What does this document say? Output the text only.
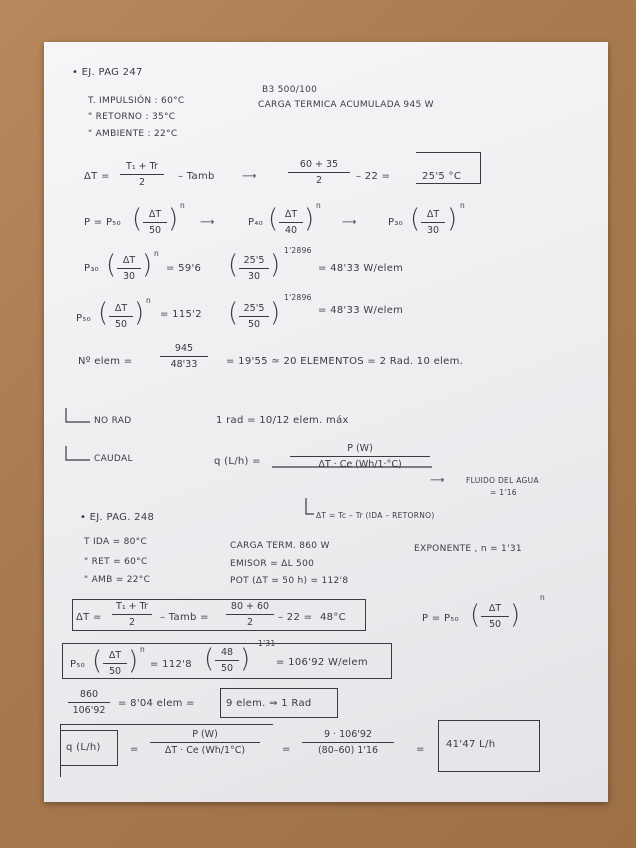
• EJ. PAG 247
T. IMPULSIÓN : 60°C
" RETORNO : 35°C
" AMBIENTE : 22°C
B3 500/100
CARGA TERMICA ACUMULADA 945 W
$\Delta T = \frac{\text{T₁ + Tr}}{2}$ – Tamb	⟶	$\frac{60 + 35}{2} - 22$ =	25'5 °C
P = P₅₀ ( $\frac{\Delta T}{50}$ ) n
⟶	P₄₀ ( $\frac{\Delta T}{40}$ ) n
⟶	P₃₀ ( $\frac{\Delta T}{30}$ ) n
P₃₀ ( $\frac{\Delta T}{30}$ ) n
= 59'6 ( $\frac{25'5}{30}$ ) 1'2896
= 48'33 W/elem
P₅₀ ( $\frac{\Delta T}{50}$ ) n
= 115'2 ( $\frac{25'5}{50}$ )
1'2896
= 48'33 W/elem
Nº elem =	$\frac{945}{48'33} = 19'55$ ≃ 20 ELEMENTOS = 2 Rad. 10 elem.
NO RAD	1 rad = 10/12 elem. máx
CAUDAL	q (L/h) =	$\frac{P (W)}{\Delta T \cdot Ce (Wh/1\cdot^\circ C)}$
⟶	FLUIDO DEL AGUA
= 1'16
ΔT = Tc – Tr (IDA – RETORNO)
• EJ. PAG. 248
T IDA = 80°C
" RET = 60°C
" AMB = 22°C
CARGA TERM. 860 W
EMISOR = ΔL 500
POT (ΔT = 50 h) = 112'8
EXPONENTE , n = 1'31
$\Delta T = \frac{\text{T₁ + Tr}}{2}$ – Tamb = $\frac{80 + 60}{2} - 22 = 48^\circ C$	P = P₅₀ ( $\frac{\Delta T}{50}$ )
n
P₅₀ ( $\frac{\Delta T}{50}$ ) n
= 112'8 ( $\frac{48}{50}$ )
1'31
= 106'92 W/elem
$\frac{860}{106'92} = 8'04$ elem =	9 elem. ⇒ 1 Rad
q (L/h)	= $\frac{P (W)}{\Delta T \cdot Ce (Wh/1^\circ C)} = \frac{9 \cdot 106'92}{(80-60) 1'16} = 41'47$ L/h
